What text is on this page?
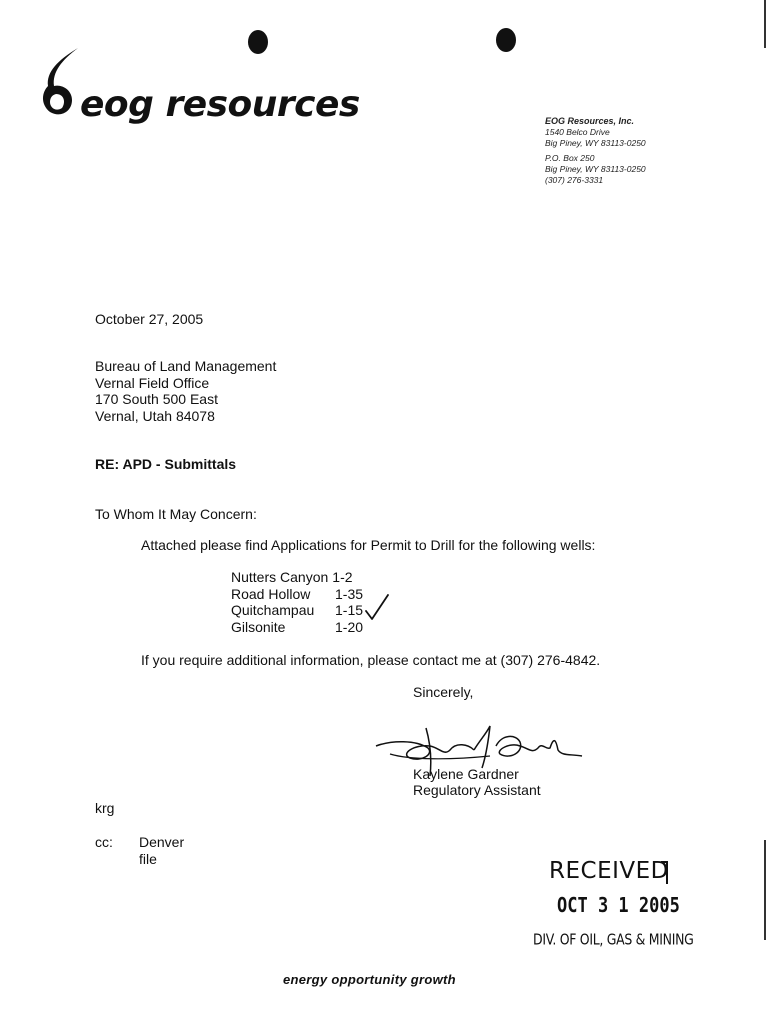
eog resources	EOG Resources, Inc.
1540 Belco Drive
Big Piney, WY 83113-0250
P.O. Box 250
Big Piney, WY 83113-0250
(307) 276-3331
October 27, 2005
Bureau of Land Management
Vernal Field Office
170 South 500 East
Vernal, Utah 84078
RE: APD - Submittals
To Whom It May Concern:
Attached please find Applications for Permit to Drill for the following wells:
Nutters Canyon 1-2
Road Hollow	1-35
Quitchampau	1-15
Gilsonite	1-20
If you require additional information, please contact me at (307) 276-4842.
Sincerely,
Kaylene Gardner
Regulatory Assistant
krg
cc: Denver
file	RECEIVED
OCT 3 1 2005
DIV. OF OIL, GAS & MINING
energy opportunity growth
